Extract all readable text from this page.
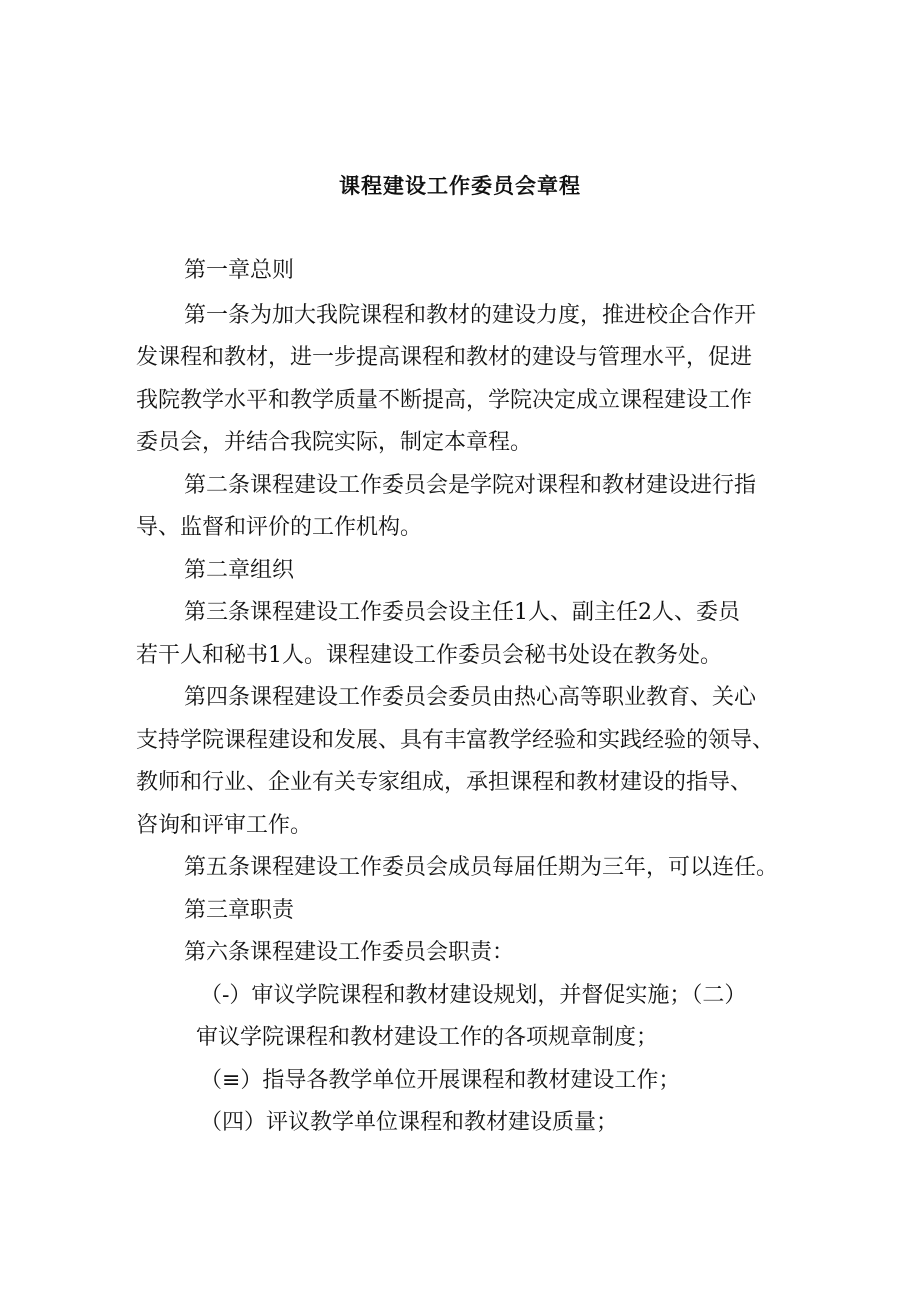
课程建设工作委员会章程

第一章总则

第一条为加大我院课程和教材的建设力度，推进校企合作开

发课程和教材，进一步提高课程和教材的建设与管理水平，促进

我院教学水平和教学质量不断提高，学院决定成立课程建设工作

委员会，并结合我院实际，制定本章程。

第二条课程建设工作委员会是学院对课程和教材建设进行指

导、监督和评价的工作机构。

第二章组织

第三条课程建设工作委员会设主任1人、副主任2人、委员

若干人和秘书1人。课程建设工作委员会秘书处设在教务处。

第四条课程建设工作委员会委员由热心高等职业教育、关心

支持学院课程建设和发展、具有丰富教学经验和实践经验的领导、

教师和行业、企业有关专家组成，承担课程和教材建设的指导、

咨询和评审工作。

第五条课程建设工作委员会成员每届任期为三年，可以连任。

第三章职责

第六条课程建设工作委员会职责：

（-）审议学院课程和教材建设规划，并督促实施；（二）

审议学院课程和教材建设工作的各项规章制度；

（≡）指导各教学单位开展课程和教材建设工作；

（四）评议教学单位课程和教材建设质量；
